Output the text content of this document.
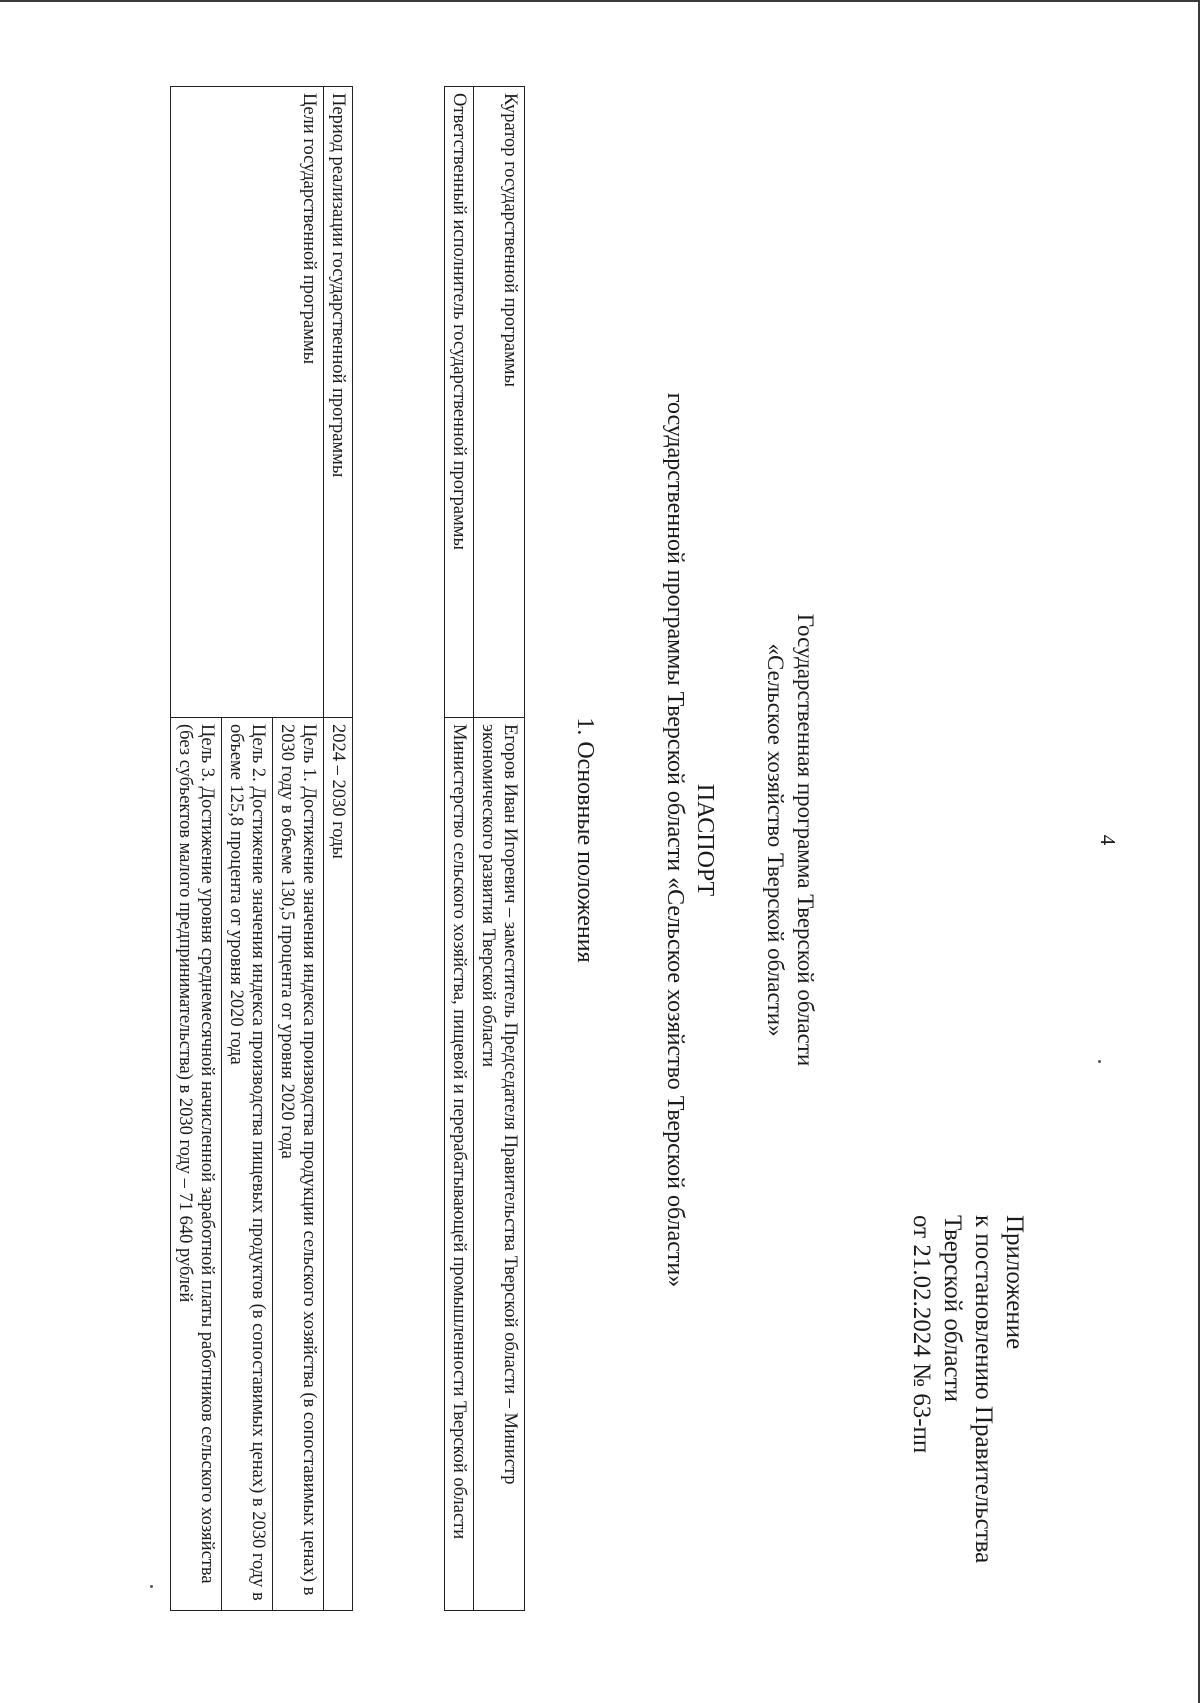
4
Приложение
к постановлению Правительства
Тверской области
от 21.02.2024 № 63-пп
Государственная программа Тверской области
«Сельское хозяйство Тверской области»
ПАСПОРТ
государственной программы Тверской области «Сельское хозяйство Тверской области»
1. Основные положения
Куратор государственной программы	Егоров Иван Игоревич – заместитель Председателя Правительства Тверской области – Министр экономического развития Тверской области
Ответственный исполнитель государственной программы	Министерство сельского хозяйства, пищевой и перерабатывающей промышленности Тверской области
Период реализации государственной программы	2024 – 2030 годы
Цели государственной программы	Цель 1. Достижение значения индекса производства продукции сельского хозяйства (в сопоставимых ценах) в 2030 году в объеме 130,5 процента от уровня 2020 года
	Цель 2. Достижение значения индекса производства пищевых продуктов (в сопоставимых ценах) в 2030 году в объеме 125,8 процента от уровня 2020 года
	Цель 3. Достижение уровня среднемесячной начисленной заработной платы работников сельского хозяйства (без субъектов малого предпринимательства) в 2030 году – 71 640 рублей
